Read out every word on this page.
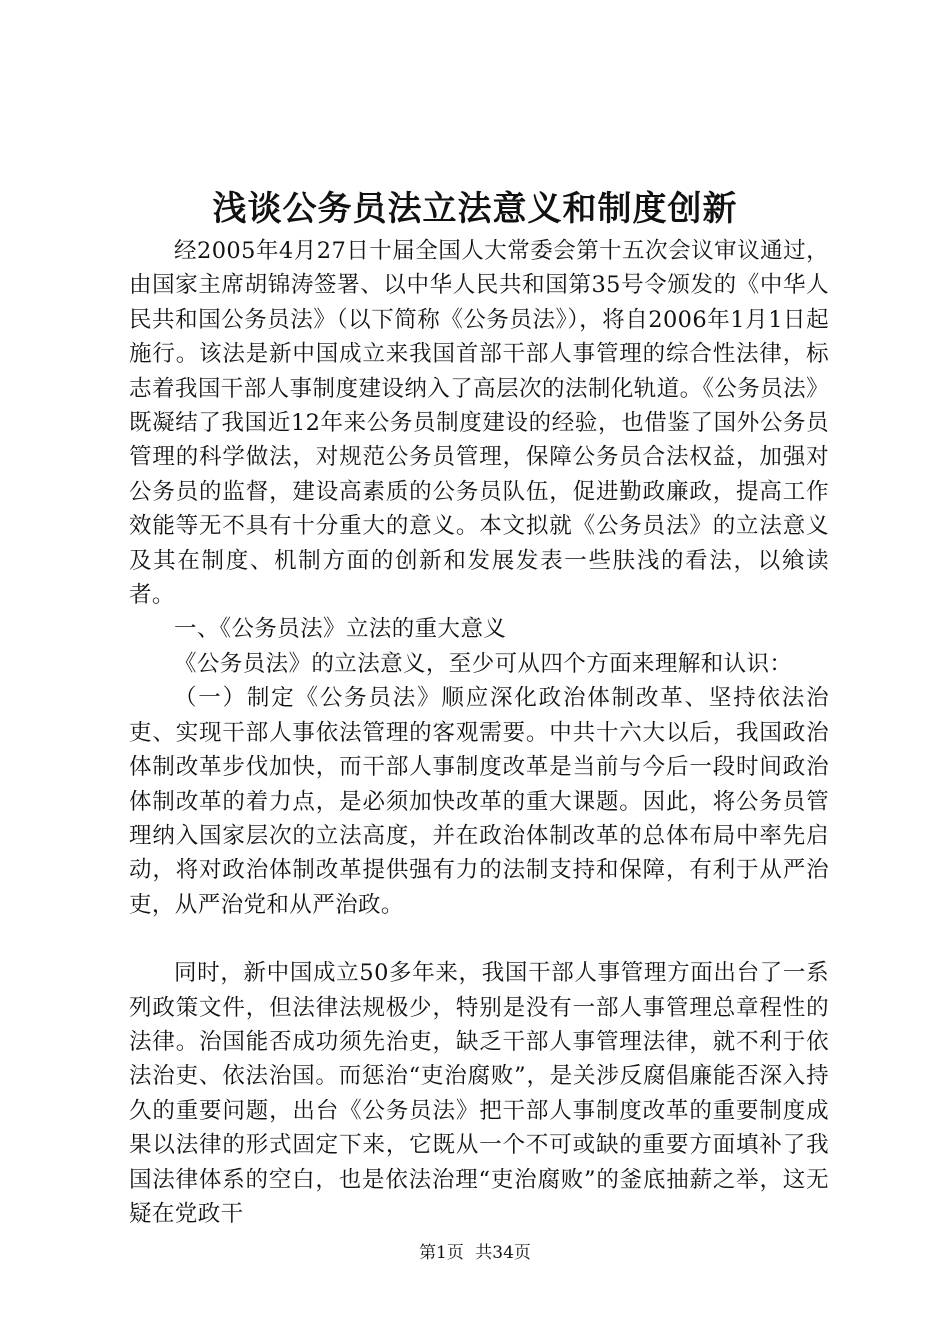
浅谈公务员法立法意义和制度创新

经2005年4月27日十届全国人大常委会第十五次会议审议通过，由国家主席胡锦涛签署、以中华人民共和国第35号令颁发的《中华人民共和国公务员法》（以下简称《公务员法》），将自2006年1月1日起施行。该法是新中国成立来我国首部干部人事管理的综合性法律，标志着我国干部人事制度建设纳入了高层次的法制化轨道。《公务员法》既凝结了我国近12年来公务员制度建设的经验，也借鉴了国外公务员管理的科学做法，对规范公务员管理，保障公务员合法权益，加强对公务员的监督，建设高素质的公务员队伍，促进勤政廉政，提高工作效能等无不具有十分重大的意义。本文拟就《公务员法》的立法意义及其在制度、机制方面的创新和发展发表一些肤浅的看法，以飨读者。

一、《公务员法》立法的重大意义

《公务员法》的立法意义，至少可从四个方面来理解和认识：

（一）制定《公务员法》顺应深化政治体制改革、坚持依法治吏、实现干部人事依法管理的客观需要。中共十六大以后，我国政治体制改革步伐加快，而干部人事制度改革是当前与今后一段时间政治体制改革的着力点，是必须加快改革的重大课题。因此，将公务员管理纳入国家层次的立法高度，并在政治体制改革的总体布局中率先启动，将对政治体制改革提供强有力的法制支持和保障，有利于从严治吏，从严治党和从严治政。

同时，新中国成立50多年来，我国干部人事管理方面出台了一系列政策文件，但法律法规极少，特别是没有一部人事管理总章程性的法律。治国能否成功须先治吏，缺乏干部人事管理法律，就不利于依法治吏、依法治国。而惩治“吏治腐败”，是关涉反腐倡廉能否深入持久的重要问题，出台《公务员法》把干部人事制度改革的重要制度成果以法律的形式固定下来，它既从一个不可或缺的重要方面填补了我国法律体系的空白，也是依法治理“吏治腐败”的釜底抽薪之举，这无疑在党政干

第1页 共34页
